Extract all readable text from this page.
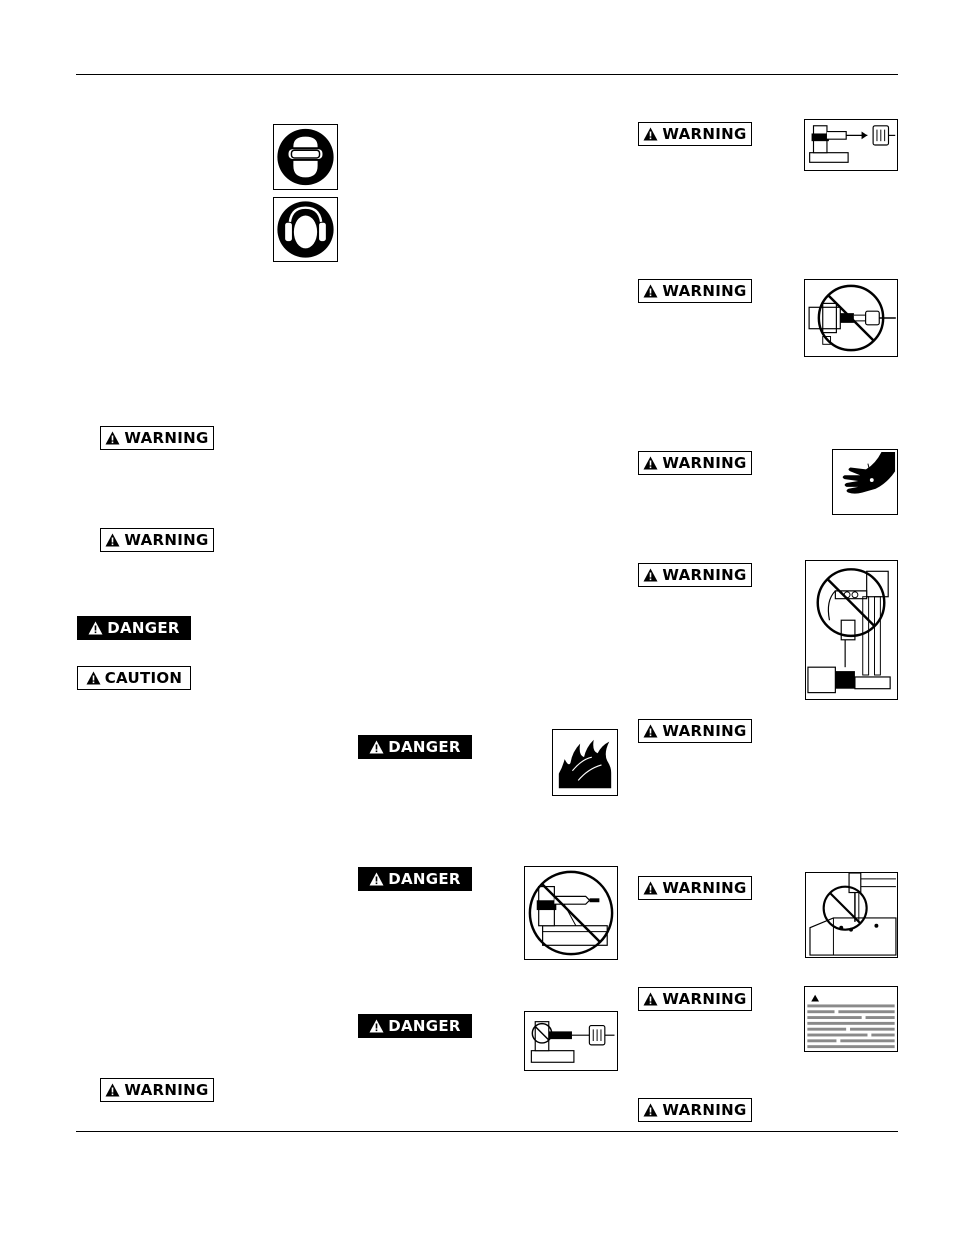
WARNING
WARNING
DANGER
CAUTION
WARNING
DANGER
DANGER
DANGER
WARNING
WARNING
WARNING
WARNING
WARNING
WARNING
WARNING
WARNING
